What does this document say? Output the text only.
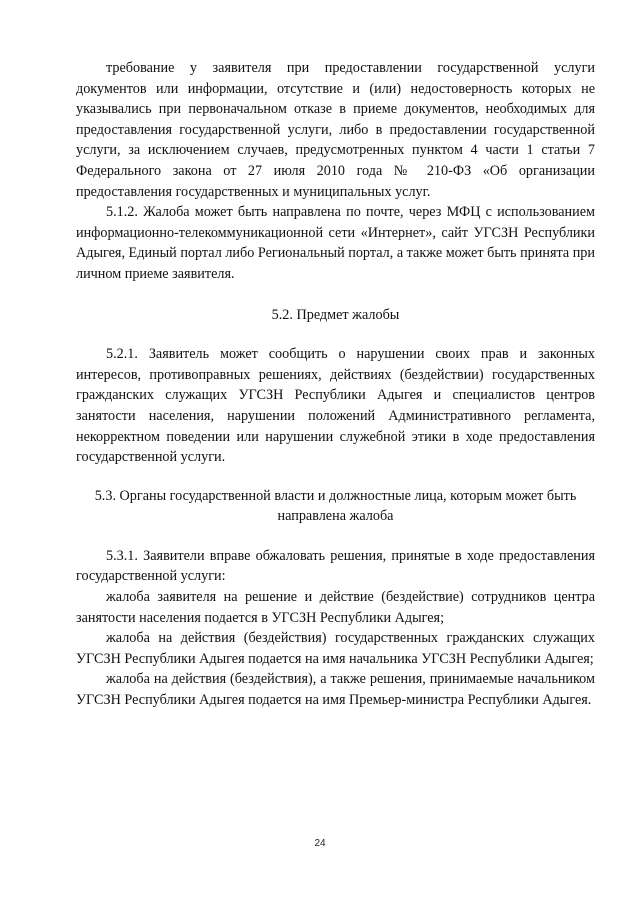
требование у заявителя при предоставлении государственной услуги документов или информации, отсутствие и (или) недостоверность которых не указывались при первоначальном отказе в приеме документов, необходимых для предоставления государственной услуги, либо в предоставлении государственной услуги, за исключением случаев, предусмотренных пунктом 4 части 1 статьи 7 Федерального закона от 27 июля 2010 года № 210-ФЗ «Об организации предоставления государственных и муниципальных услуг.

5.1.2. Жалоба может быть направлена по почте, через МФЦ с использованием информационно-телекоммуникационной сети «Интернет», сайт УГСЗН Республики Адыгея, Единый портал либо Региональный портал, а также может быть принята при личном приеме заявителя.

5.2. Предмет жалобы

5.2.1. Заявитель может сообщить о нарушении своих прав и законных интересов, противоправных решениях, действиях (бездействии) государственных гражданских служащих УГСЗН Республики Адыгея и специалистов центров занятости населения, нарушении положений Административного регламента, некорректном поведении или нарушении служебной этики в ходе предоставления государственной услуги.

5.3. Органы государственной власти и должностные лица, которым может быть
направлена жалоба

5.3.1. Заявители вправе обжаловать решения, принятые в ходе предоставления государственной услуги:

жалоба заявителя на решение и действие (бездействие) сотрудников центра занятости населения подается в УГСЗН Республики Адыгея;

жалоба на действия (бездействия) государственных гражданских служащих УГСЗН Республики Адыгея подается на имя начальника УГСЗН Республики Адыгея;

жалоба на действия (бездействия), а также решения, принимаемые начальником УГСЗН Республики Адыгея подается на имя Премьер-министра Республики Адыгея.

24
